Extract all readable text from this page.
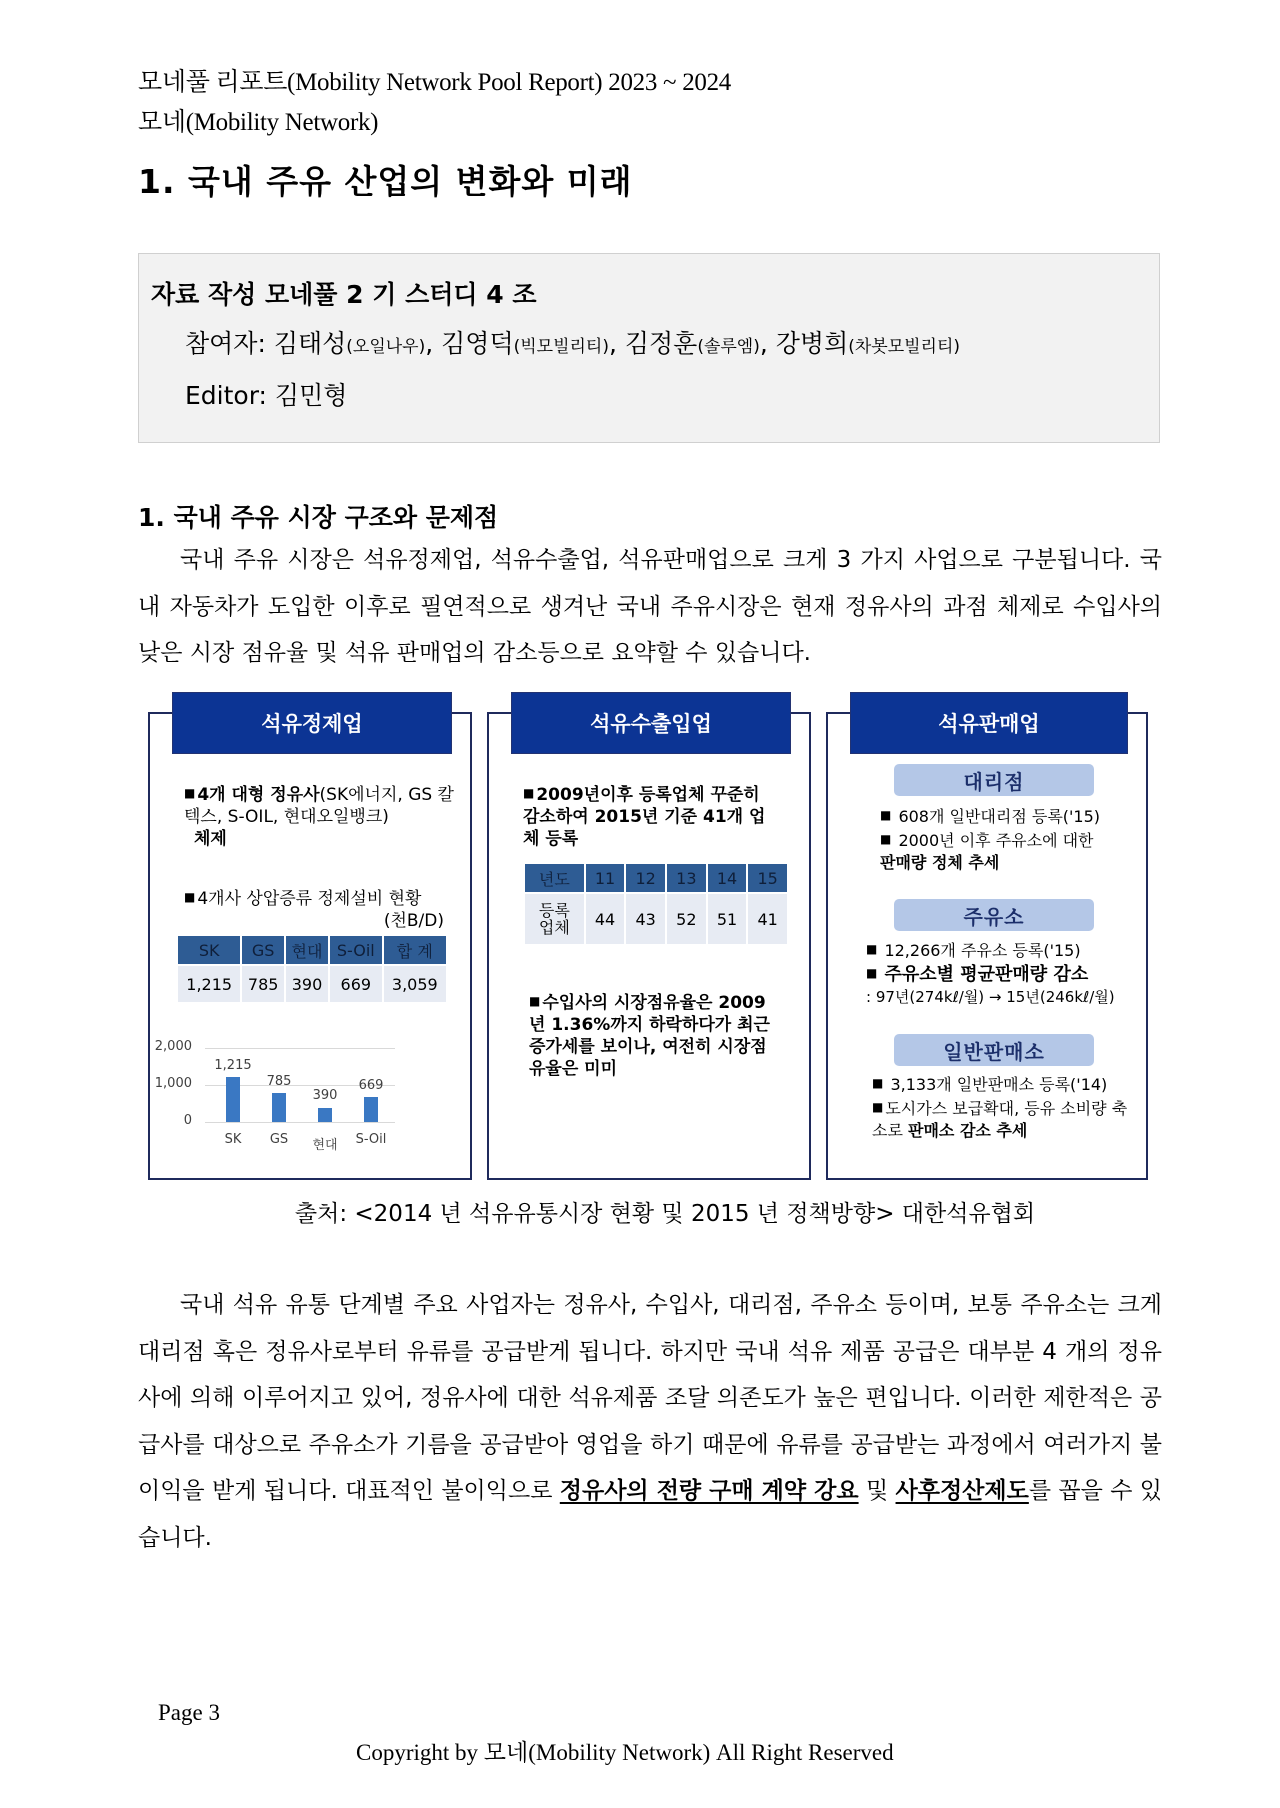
모네풀 리포트(Mobility Network Pool Report) 2023 ~ 2024
모네(Mobility Network)
1. 국내 주유 산업의 변화와 미래
자료 작성 모네풀 2 기 스터디 4 조
참여자: 김태성(오일나우), 김영덕(빅모빌리티), 김정훈(솔루엠), 강병희(차봇모빌리티)
Editor: 김민형
1. 국내 주유 시장 구조와 문제점
국내 주유 시장은 석유정제업, 석유수출업, 석유판매업으로 크게 3 가지 사업으로 구분됩니다. 국내 자동차가 도입한 이후로 필연적으로 생겨난 국내 주유시장은 현재 정유사의 과점 체제로 수입사의 낮은 시장 점유율 및 석유 판매업의 감소등으로 요약할 수 있습니다.
석유정제업
■ 4개 대형 정유사(SK에너지, GS 칼텍스, S-OIL, 현대오일뱅크)
체제
■ 4개사 상압증류 정제설비 현황
(천B/D)
SK	GS	현대	S-Oil	합 계
1,215	785	390	669	3,059
2,000
1,000
0
1,215
785
390
669
SK	GS	현대	S-Oil
석유수출입업
■ 2009년이후 등록업체 꾸준히 감소하여 2015년 기준 41개 업체 등록
년도	11	12	13	14	15
등록
업체	44	43	52	51	41
■ 수입사의 시장점유율은 2009년 1.36%까지 하락하다가 최근 증가세를 보이나, 여전히 시장점유율은 미미
석유판매업
대리점
■ 608개 일반대리점 등록('15)
■ 2000년 이후 주유소에 대한
판매량 정체 추세
주유소
■ 12,266개 주유소 등록('15)
■ 주유소별 평균판매량 감소
: 97년(274kℓ/월) → 15년(246kℓ/월)
일반판매소
■ 3,133개 일반판매소 등록('14)
■ 도시가스 보급확대, 등유 소비량 축소로 판매소 감소 추세
출처: <2014 년 석유유통시장 현황 및 2015 년 정책방향> 대한석유협회
국내 석유 유통 단계별 주요 사업자는 정유사, 수입사, 대리점, 주유소 등이며, 보통 주유소는 크게 대리점 혹은 정유사로부터 유류를 공급받게 됩니다. 하지만 국내 석유 제품 공급은 대부분 4 개의 정유사에 의해 이루어지고 있어, 정유사에 대한 석유제품 조달 의존도가 높은 편입니다. 이러한 제한적은 공급사를 대상으로 주유소가 기름을 공급받아 영업을 하기 때문에 유류를 공급받는 과정에서 여러가지 불이익을 받게 됩니다. 대표적인 불이익으로 정유사의 전량 구매 계약 강요 및 사후정산제도를 꼽을 수 있습니다.
Page 3
Copyright by 모네(Mobility Network) All Right Reserved
